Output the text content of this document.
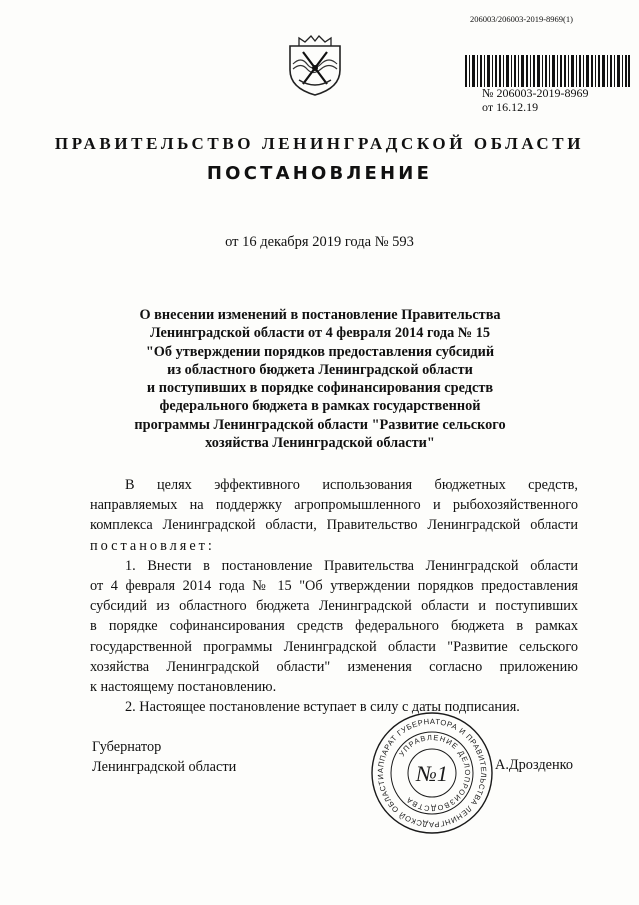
206003/206003-2019-8969(1)
№ 206003-2019-8969
от 16.12.19
ПРАВИТЕЛЬСТВО ЛЕНИНГРАДСКОЙ ОБЛАСТИ
ПОСТАНОВЛЕНИЕ
от 16 декабря 2019 года № 593
О внесении изменений в постановление Правительства
Ленинградской области от 4 февраля 2014 года № 15
"Об утверждении порядков предоставления субсидий
из областного бюджета Ленинградской области
и поступивших в порядке софинансирования средств
федерального бюджета в рамках государственной
программы Ленинградской области "Развитие сельского
хозяйства Ленинградской области"
В целях эффективного использования бюджетных средств,
направляемых на поддержку агропромышленного и рыбохозяйственного
комплекса Ленинградской области, Правительство Ленинградской области
постановляет:
1. Внести в постановление Правительства Ленинградской области
от 4 февраля 2014 года № 15 "Об утверждении порядков предоставления
субсидий из областного бюджета Ленинградской области и поступивших
в порядке софинансирования средств федерального бюджета в рамках
государственной программы Ленинградской области "Развитие сельского
хозяйства Ленинградской области" изменения согласно приложению
к настоящему постановлению.
2. Настоящее постановление вступает в силу с даты подписания.
Губернатор
Ленинградской области	АППАРАТ ГУБЕРНАТОРА И ПРАВИТЕЛЬСТВА ЛЕНИНГРАДСКОЙ ОБЛАСТИ
УПРАВЛЕНИЕ ДЕЛОПРОИЗВОДСТВА
№1	А.Дрозденко
